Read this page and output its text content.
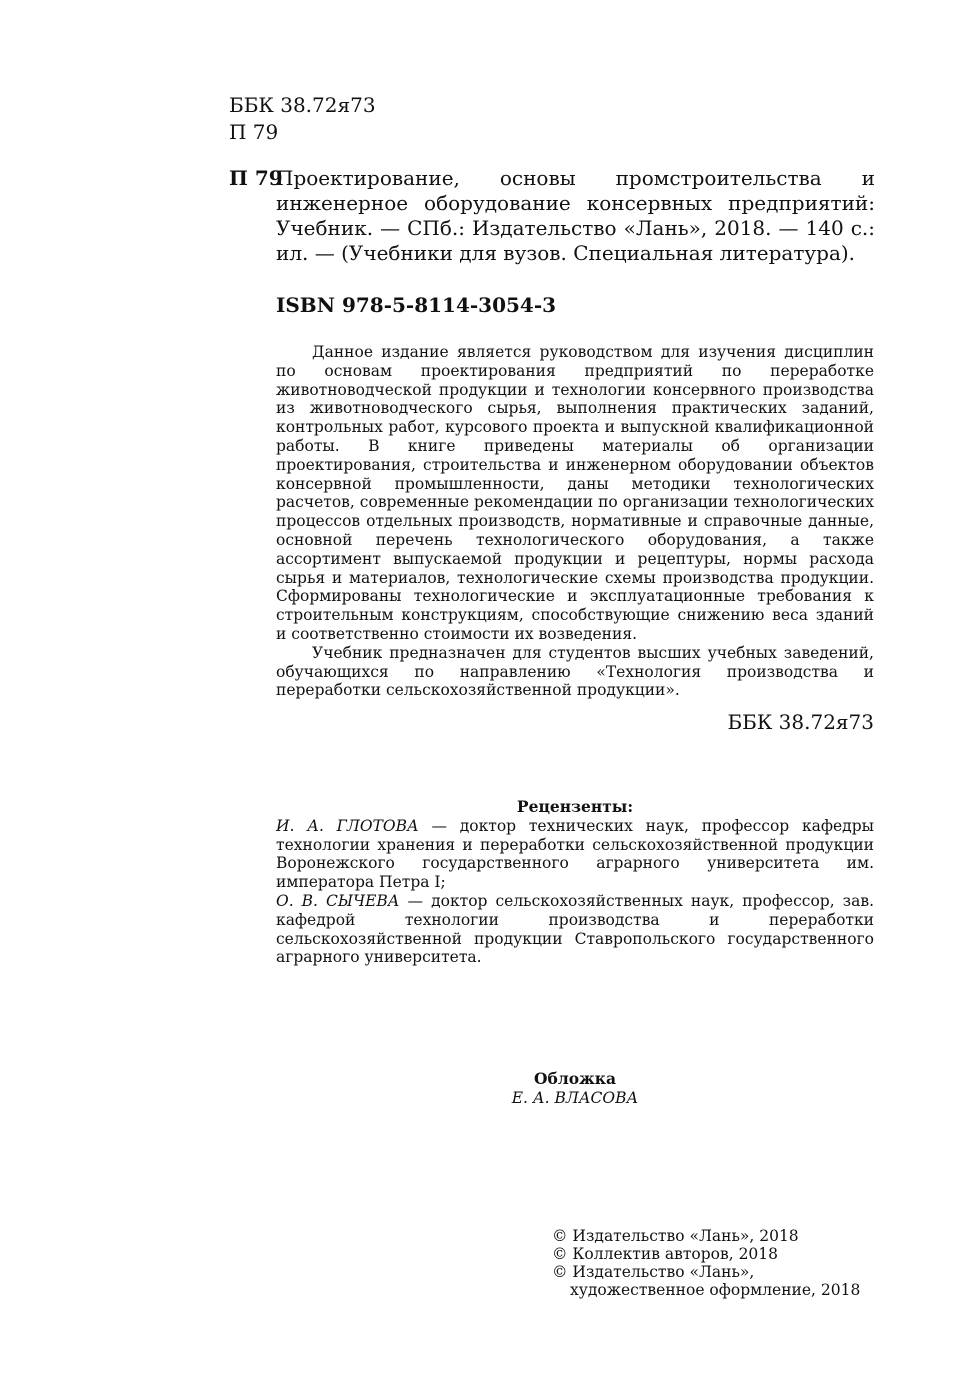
ББК 38.72я73
П 79
П 79
Проектирование, основы промстроительства и инженерное оборудование консервных предприятий: Учебник. — СПб.: Издательство «Лань», 2018. — 140 с.: ил. — (Учебники для вузов. Специальная литература).
ISBN 978-5-8114-3054-3

Данное издание является руководством для изучения дисциплин по основам проектирования предприятий по переработке животноводческой продукции и технологии консервного производства из животноводческого сырья, выполнения практических заданий, контрольных работ, курсового проекта и выпускной квалификационной работы. В книге приведены материалы об организации проектирования, строительства и инженерном оборудовании объектов консервной промышленности, даны методики технологических расчетов, современные рекомендации по организации технологических процессов отдельных производств, нормативные и справочные данные, основной перечень технологического оборудования, а также ассортимент выпускаемой продукции и рецептуры, нормы расхода сырья и материалов, технологические схемы производства продукции. Сформированы технологические и эксплуатационные требования к строительным конструкциям, способствующие снижению веса зданий и соответственно стоимости их возведения.

Учебник предназначен для студентов высших учебных заведений, обучающихся по направлению «Технология производства и переработки сельскохозяйственной продукции».

ББК 38.72я73
Рецензенты:

И. А. ГЛОТОВА — доктор технических наук, профессор кафедры технологии хранения и переработки сельскохозяйственной продукции Воронежского государственного аграрного университета им. императора Петра I;

О. В. СЫЧЕВА — доктор сельскохозяйственных наук, профессор, зав. кафедрой технологии производства и переработки сельскохозяйственной продукции Ставропольского государственного аграрного университета.

Обложка
Е. А. ВЛАСОВА
© Издательство «Лань», 2018
© Коллектив авторов, 2018
© Издательство «Лань»,
художественное оформление, 2018
